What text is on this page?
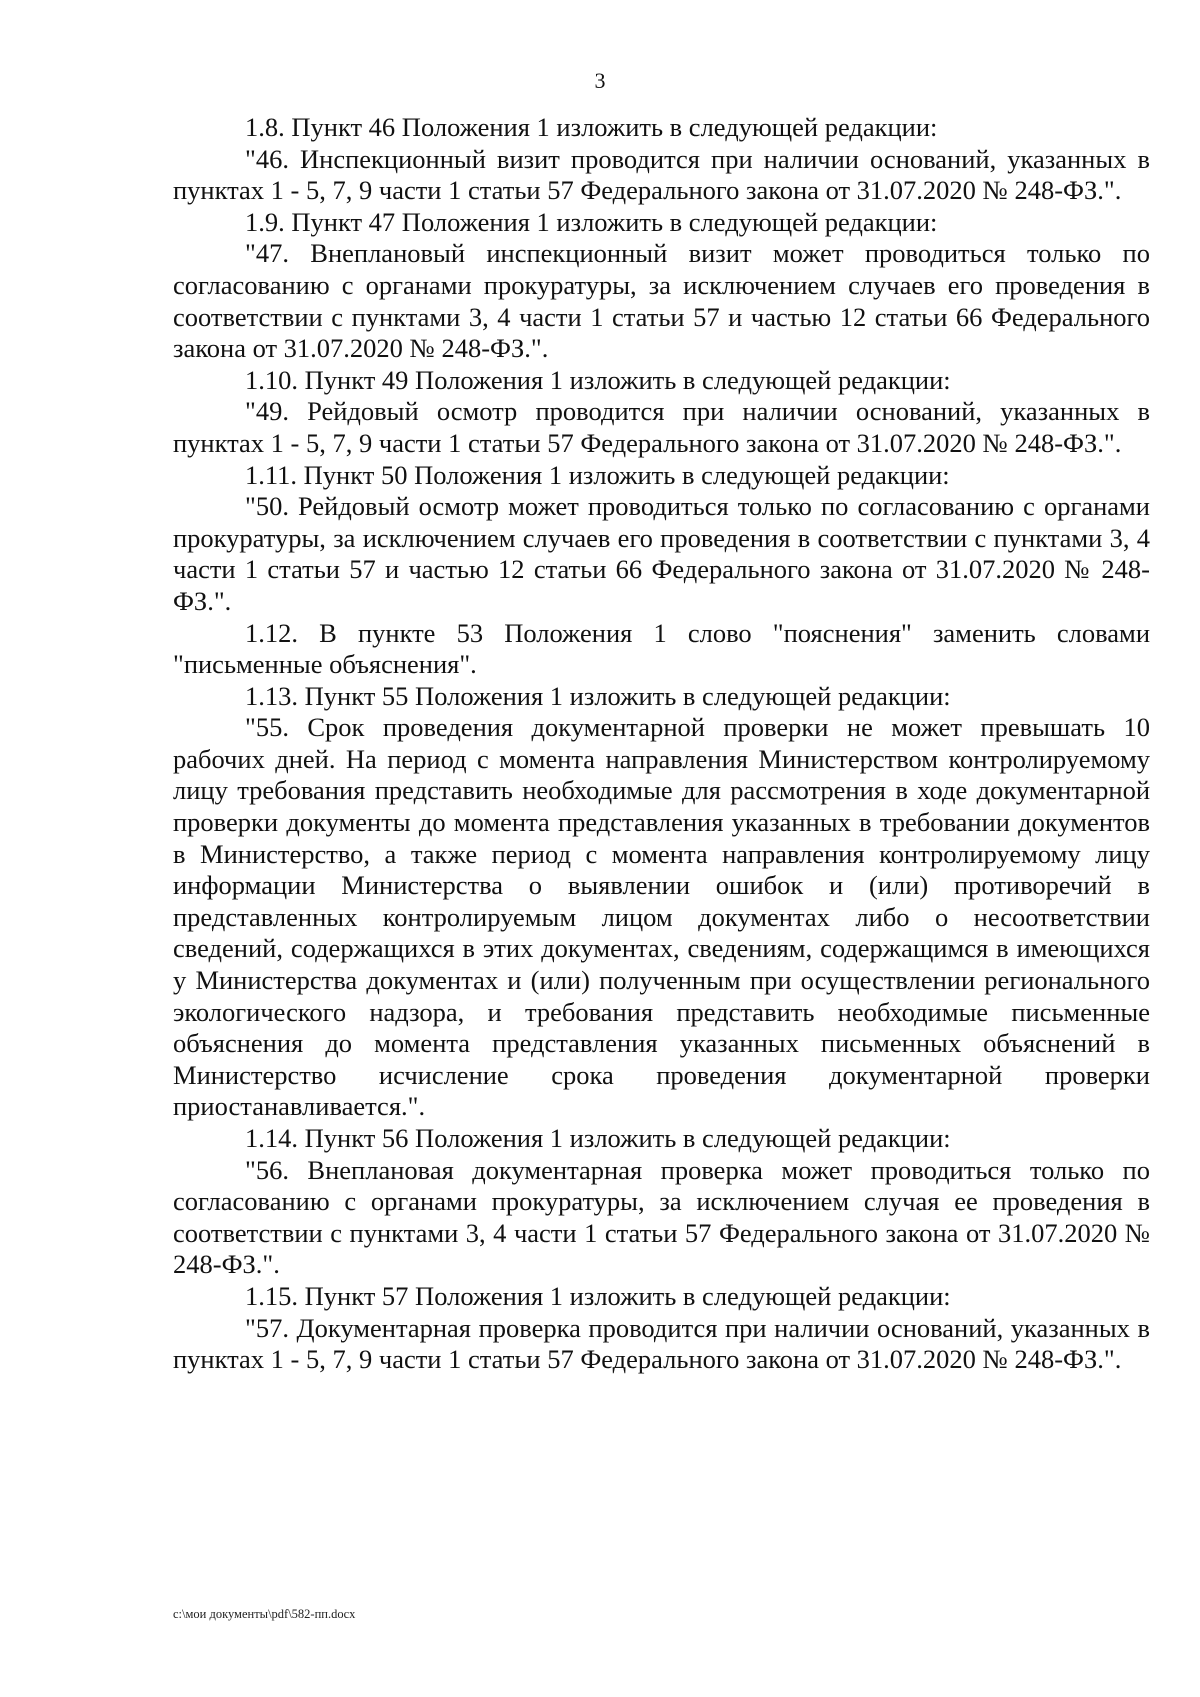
3

1.8. Пункт 46 Положения 1 изложить в следующей редакции:

"46. Инспекционный визит проводится при наличии оснований, указанных в пунктах 1 - 5, 7, 9 части 1 статьи 57 Федерального закона от 31.07.2020 № 248-ФЗ.".

1.9. Пункт 47 Положения 1 изложить в следующей редакции:

"47. Внеплановый инспекционный визит может проводиться только по согласованию с органами прокуратуры, за исключением случаев его проведения в соответствии с пунктами 3, 4 части 1 статьи 57 и частью 12 статьи 66 Федерального закона от 31.07.2020 № 248-ФЗ.".

1.10. Пункт 49 Положения 1 изложить в следующей редакции:

"49. Рейдовый осмотр проводится при наличии оснований, указанных в пунктах 1 - 5, 7, 9 части 1 статьи 57 Федерального закона от 31.07.2020 № 248-ФЗ.".

1.11. Пункт 50 Положения 1 изложить в следующей редакции:

"50. Рейдовый осмотр может проводиться только по согласованию с органами прокуратуры, за исключением случаев его проведения в соответствии с пунктами 3, 4 части 1 статьи 57 и частью 12 статьи 66 Федерального закона от 31.07.2020 № 248-ФЗ.".

1.12. В пункте 53 Положения 1 слово "пояснения" заменить словами "письменные объяснения".

1.13. Пункт 55 Положения 1 изложить в следующей редакции:

"55. Срок проведения документарной проверки не может превышать 10 рабочих дней. На период с момента направления Министерством контролируемому лицу требования представить необходимые для рассмотрения в ходе документарной проверки документы до момента представления указанных в требовании документов в Министерство, а также период с момента направления контролируемому лицу информации Министерства о выявлении ошибок и (или) противоречий в представленных контролируемым лицом документах либо о несоответствии сведений, содержащихся в этих документах, сведениям, содержащимся в имеющихся у Министерства документах и (или) полученным при осуществлении регионального экологического надзора, и требования представить необходимые письменные объяснения до момента представления указанных письменных объяснений в Министерство исчисление срока проведения документарной проверки приостанавливается.".

1.14. Пункт 56 Положения 1 изложить в следующей редакции:

"56. Внеплановая документарная проверка может проводиться только по согласованию с органами прокуратуры, за исключением случая ее проведения в соответствии с пунктами 3, 4 части 1 статьи 57 Федерального закона от 31.07.2020 № 248-ФЗ.".

1.15. Пункт 57 Положения 1 изложить в следующей редакции:

"57. Документарная проверка проводится при наличии оснований, указанных в пунктах 1 - 5, 7, 9 части 1 статьи 57 Федерального закона от 31.07.2020 № 248-ФЗ.".

c:\мои документы\pdf\582-пп.docx
